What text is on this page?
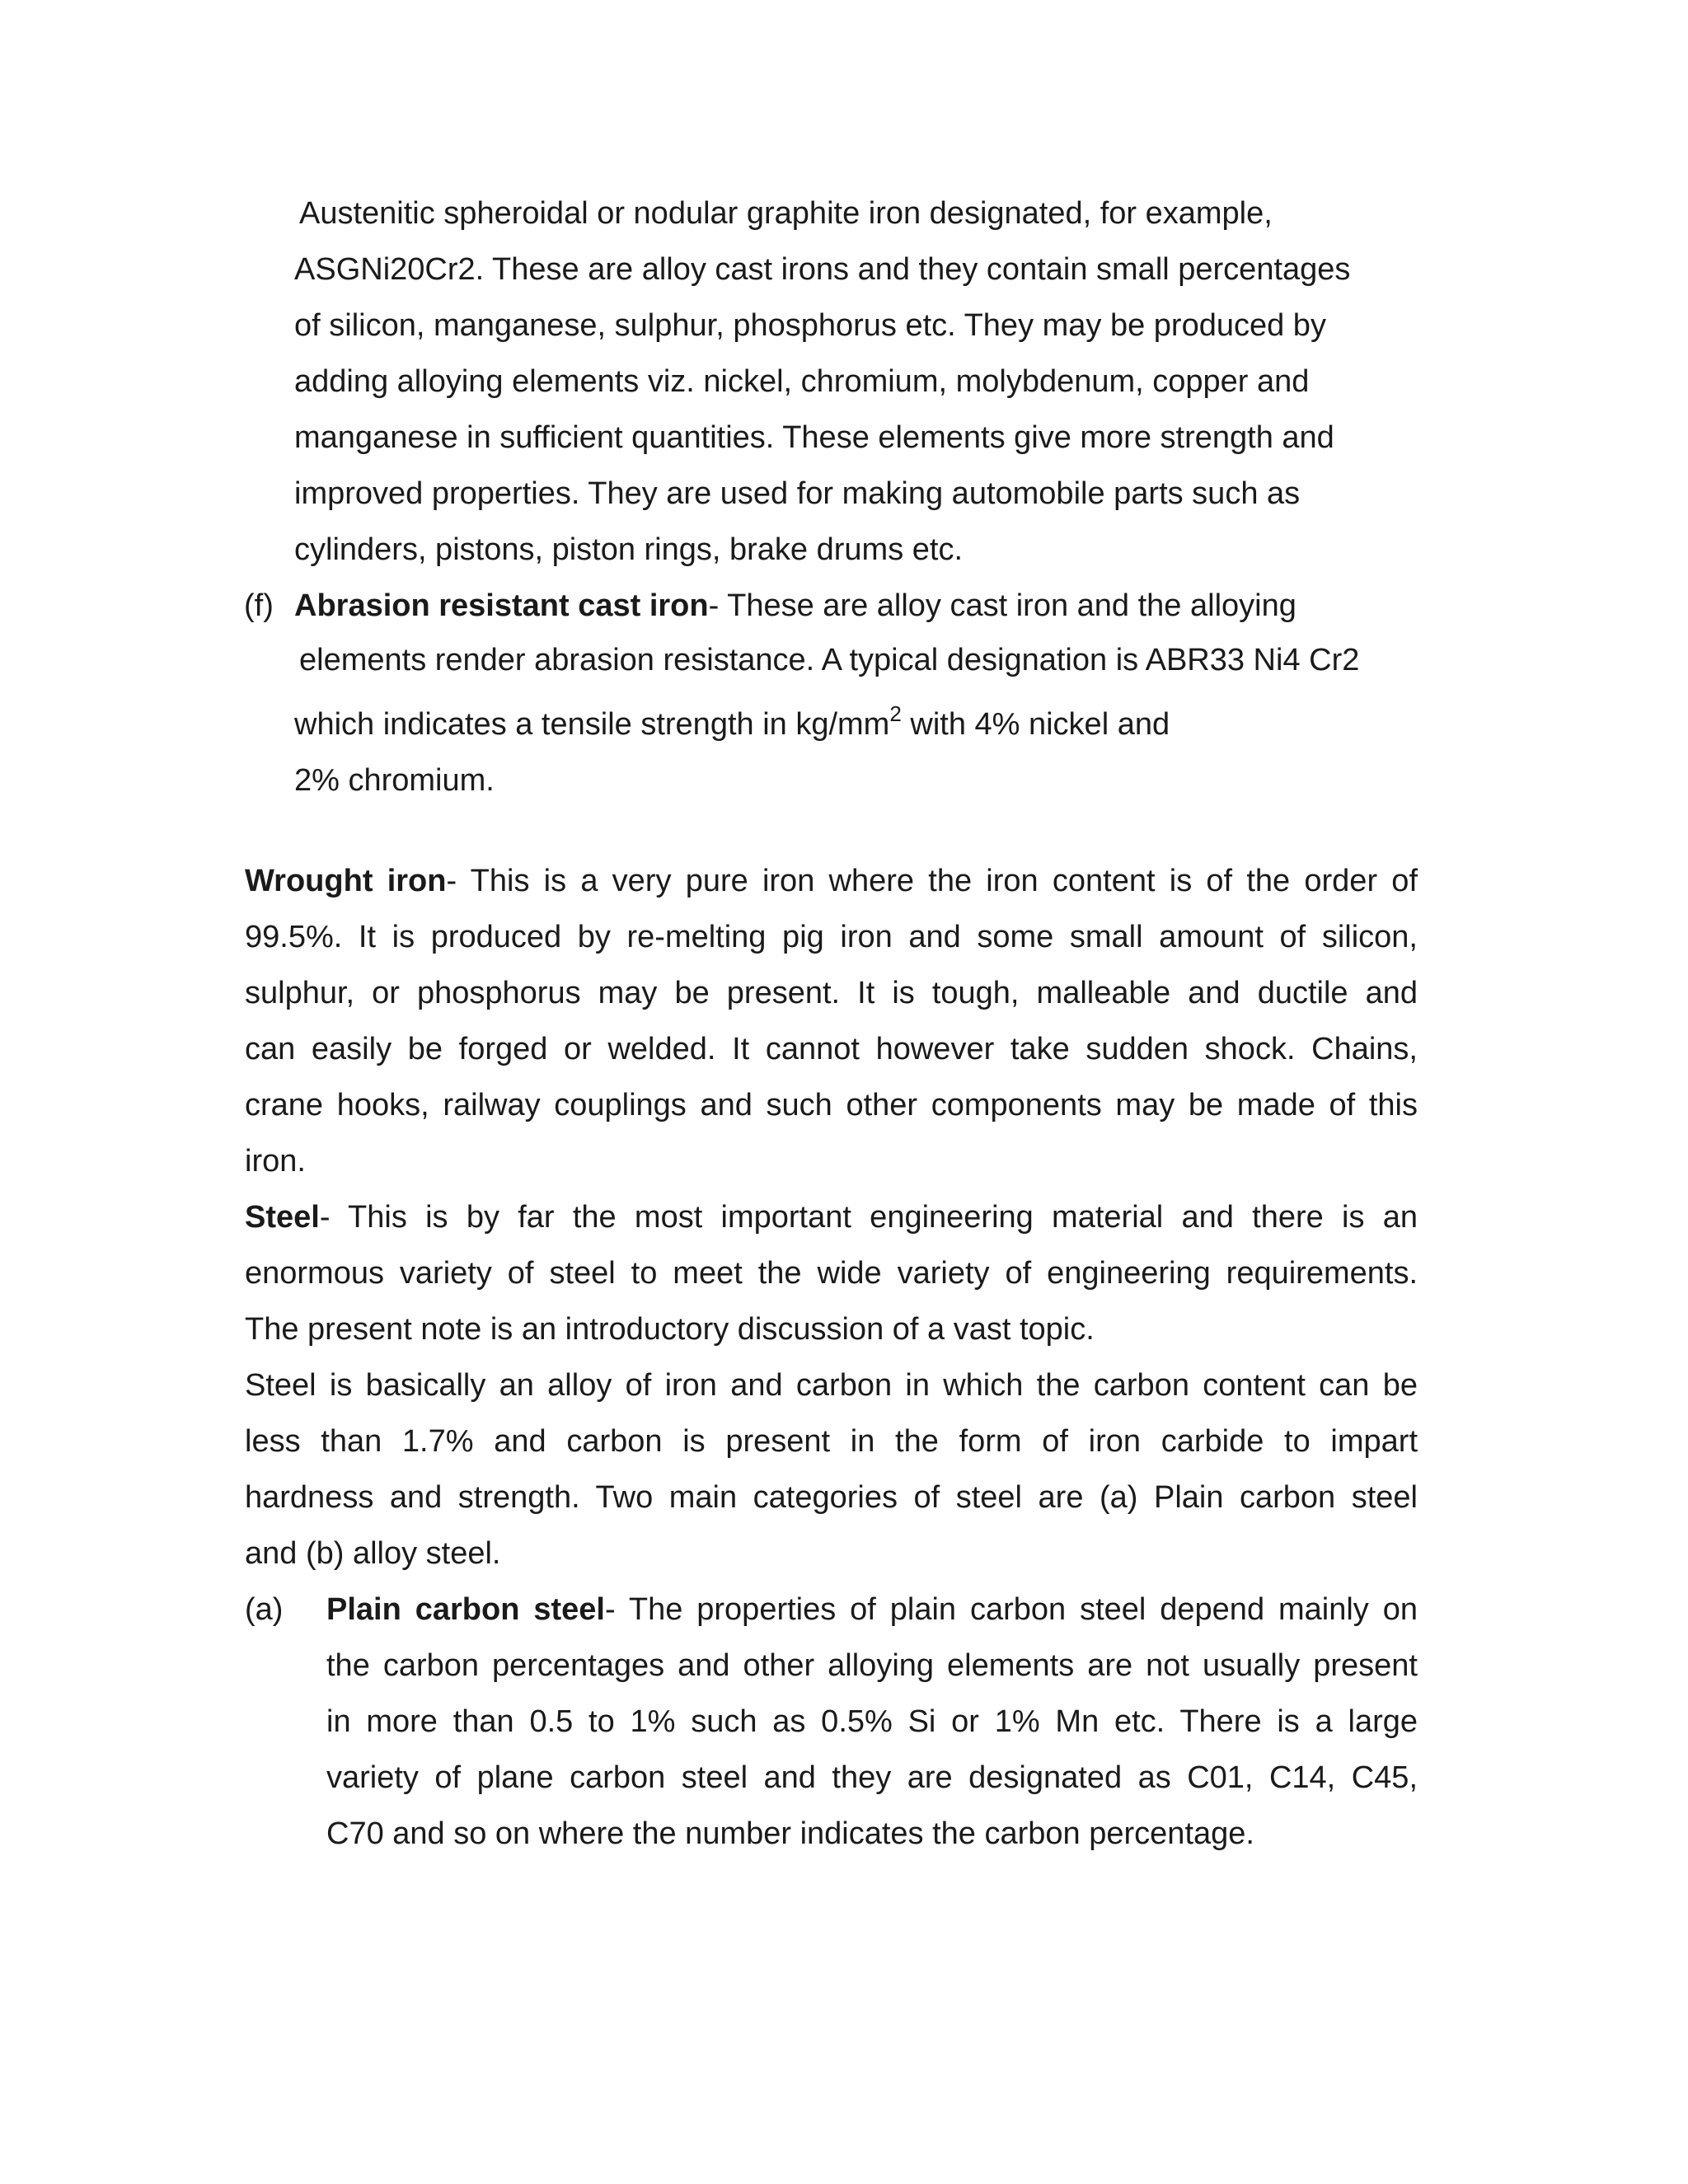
Austenitic spheroidal or nodular graphite iron designated, for example,
ASGNi20Cr2. These are alloy cast irons and they contain small percentages
of silicon, manganese, sulphur, phosphorus etc. They may be produced by
adding alloying elements viz. nickel, chromium, molybdenum, copper and
manganese in sufficient quantities. These elements give more strength and
improved properties. They are used for making automobile parts such as
cylinders, pistons, piston rings, brake drums etc.
(f) Abrasion resistant cast iron- These are alloy cast iron and the alloying
elements render abrasion resistance. A typical designation is ABR33 Ni4 Cr2
which indicates a tensile strength in $kg/mm^2$ with 4% nickel and
2% chromium.
Wrought iron- This is a very pure iron where the iron content is of the order of
99.5%. It is produced by re-melting pig iron and some small amount of silicon,
sulphur, or phosphorus may be present. It is tough, malleable and ductile and
can easily be forged or welded. It cannot however take sudden shock. Chains,
crane hooks, railway couplings and such other components may be made of this
iron.
Steel- This is by far the most important engineering material and there is an
enormous variety of steel to meet the wide variety of engineering requirements.
The present note is an introductory discussion of a vast topic.
Steel is basically an alloy of iron and carbon in which the carbon content can be
less than 1.7% and carbon is present in the form of iron carbide to impart
hardness and strength. Two main categories of steel are (a) Plain carbon steel
and (b) alloy steel.
(a) Plain carbon steel- The properties of plain carbon steel depend mainly on
the carbon percentages and other alloying elements are not usually present
in more than 0.5 to 1% such as 0.5% Si or 1% Mn etc. There is a large
variety of plane carbon steel and they are designated as C01, C14, C45,
C70 and so on where the number indicates the carbon percentage.
